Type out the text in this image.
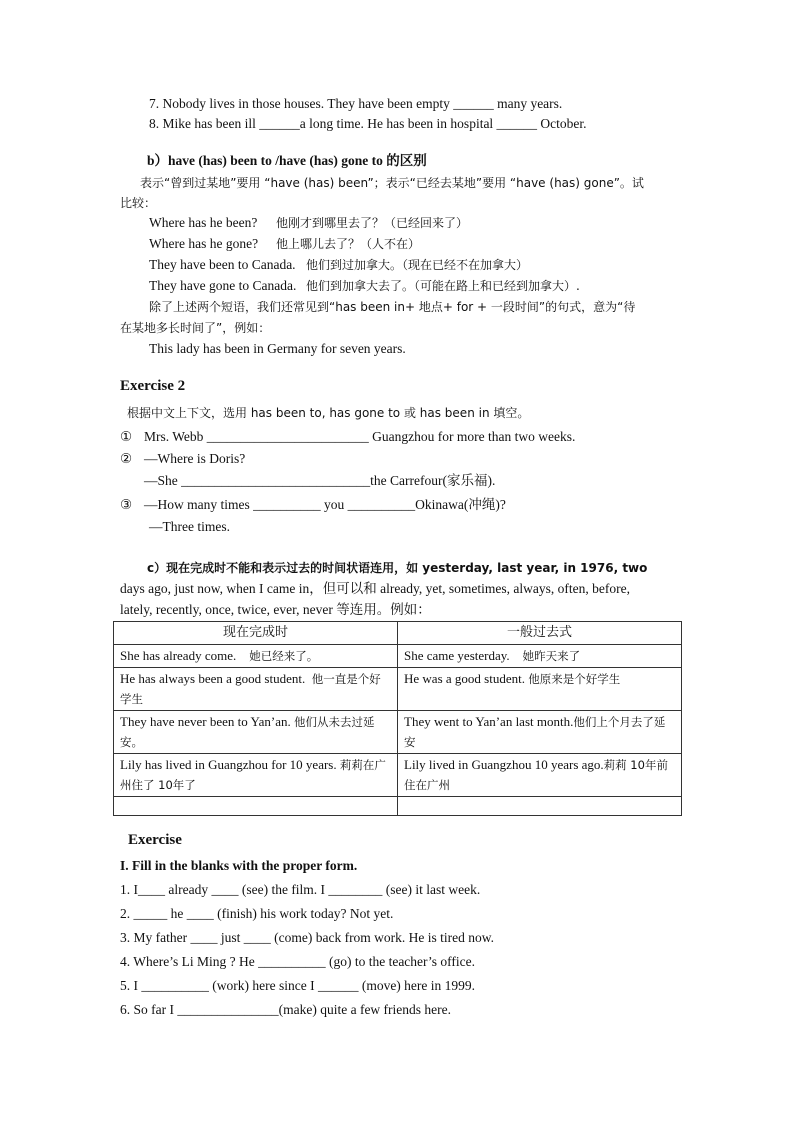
7. Nobody lives in those houses. They have been empty ______ many years.
8. Mike has been ill ______a long time. He has been in hospital ______ October.
b）have (has) been to /have (has) gone to 的区别
表示“曾到过某地”要用 “have (has) been”；表示“已经去某地”要用 “have (has) gone”。试
比较：
Where has he been? 他刚才到哪里去了？（已经回来了）
Where has he gone? 他上哪儿去了？（人不在）
They have been to Canada. 他们到过加拿大。（现在已经不在加拿大）
They have gone to Canada. 他们到加拿大去了。（可能在路上和已经到加拿大）.
除了上述两个短语，我们还常见到“has been in+ 地点+ for + 一段时间”的句式，意为“待
在某地多长时间了”，例如：
This lady has been in Germany for seven years.
Exercise 2
根据中文上下文，选用 has been to, has gone to 或 has been in 填空。
① Mrs. Webb ________________________ Guangzhou for more than two weeks.
② —Where is Doris?
—She ____________________________the Carrefour(家乐福).
③ —How many times __________ you __________Okinawa(冲绳)?
—Three times.
c）现在完成时不能和表示过去的时间状语连用，如 yesterday, last year, in 1976, two
days ago, just now, when I came in，但可以和 already, yet, sometimes, always, often, before,
lately, recently, once, twice, ever, never 等连用。例如：
现在完成时	一般过去式
She has already come. 她已经来了。	She came yesterday. 她昨天来了
He has always been a good student. 他一直是个好学生	He was a good student. 他原来是个好学生
They have never been to Yan’an. 他们从未去过延安。	They went to Yan’an last month.他们上个月去了延安
Lily has lived in Guangzhou for 10 years. 莉莉在广州住了 10年了	Lily lived in Guangzhou 10 years ago.莉莉 10年前住在广州

Exercise
I. Fill in the blanks with the proper form.
1. I____ already ____ (see) the film. I ________ (see) it last week.
2. _____ he ____ (finish) his work today? Not yet.
3. My father ____ just ____ (come) back from work. He is tired now.
4. Where’s Li Ming ? He __________ (go) to the teacher’s office.
5. I __________ (work) here since I ______ (move) here in 1999.
6. So far I _______________(make) quite a few friends here.
